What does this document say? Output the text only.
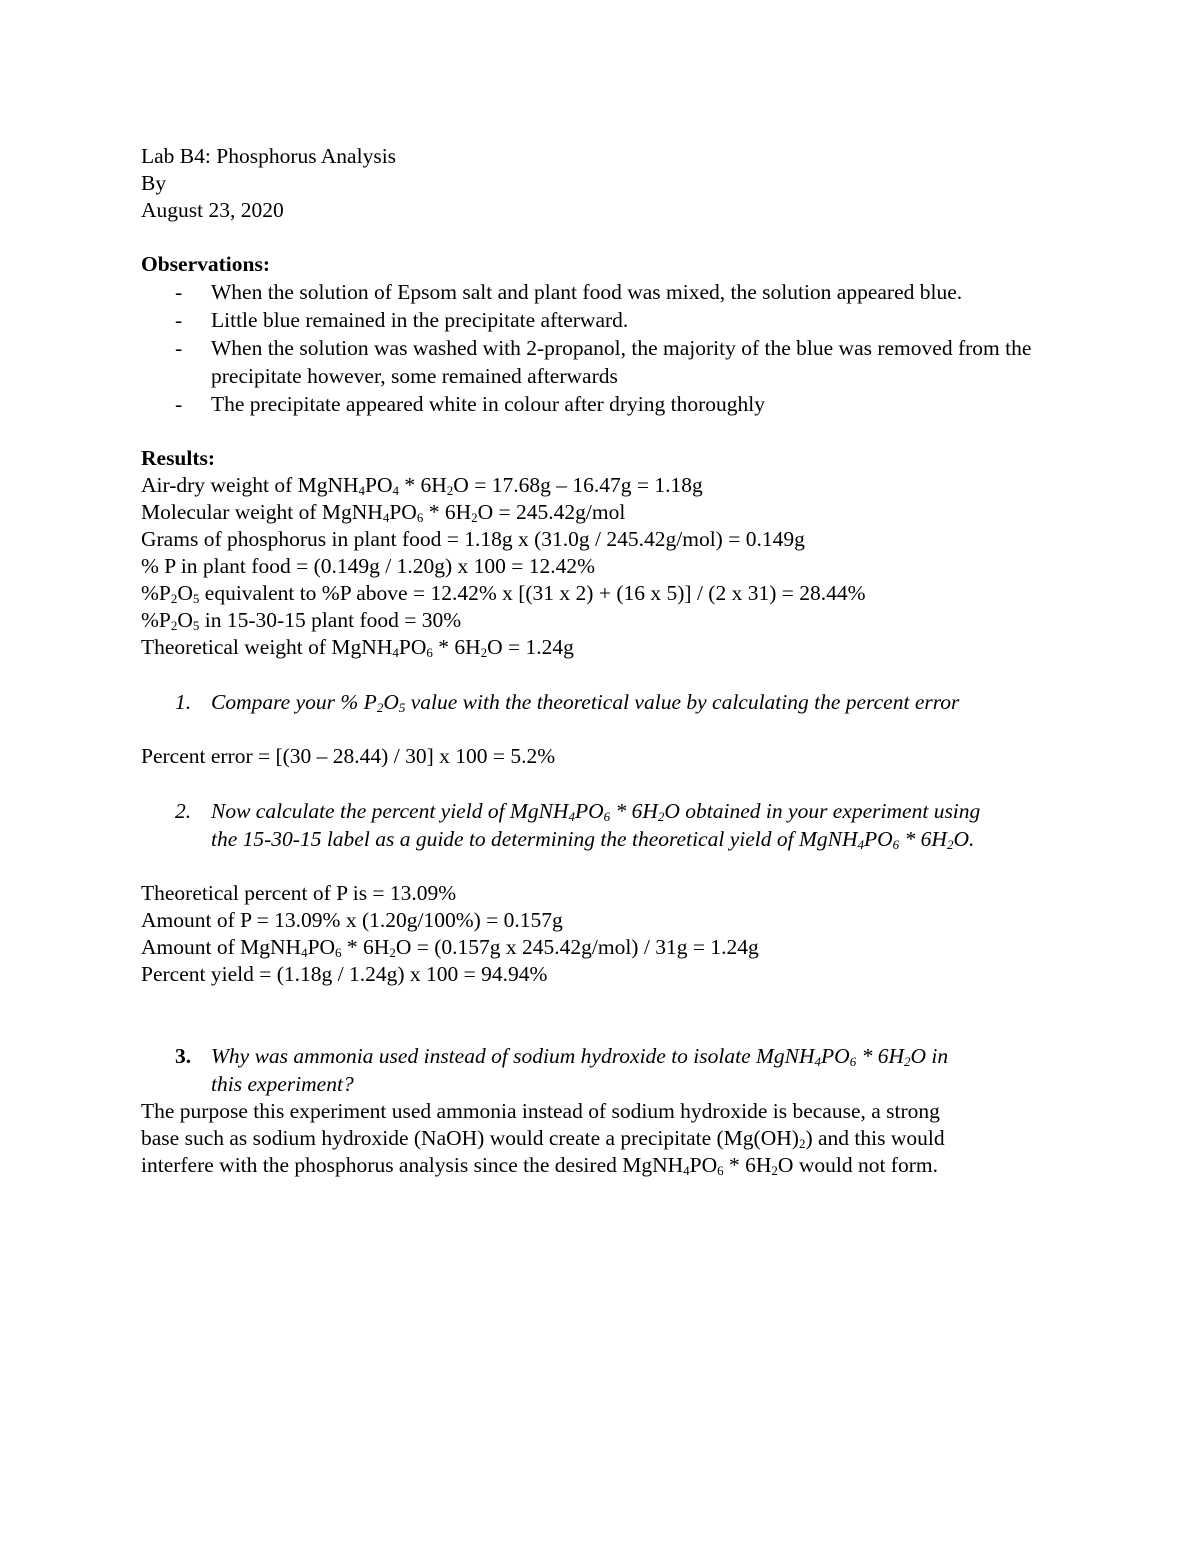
Lab B4: Phosphorus Analysis
By
August 23, 2020
Observations:
- When the solution of Epsom salt and plant food was mixed, the solution appeared blue.
- Little blue remained in the precipitate afterward.
- When the solution was washed with 2-propanol, the majority of the blue was removed from the precipitate however, some remained afterwards
- The precipitate appeared white in colour after drying thoroughly
Results:
Air-dry weight of $MgNH_4PO_4 * 6H_2O = 17.68g - 16.47g = 1.18g$
Molecular weight of $MgNH_4PO_6 * 6H_2O = 245.42g/mol$
Grams of phosphorus in plant food = 1.18g x (31.0g / 245.42g/mol) = 0.149g
% P in plant food = (0.149g / 1.20g) x 100 = 12.42%
$\%P_2O_5$ equivalent to %P above = 12.42% x [(31 x 2) + (16 x 5)] / (2 x 31) = 28.44%
$\%P_2O_5$ in 15-30-15 plant food = 30%
Theoretical weight of $MgNH_4PO_6 * 6H_2O = 1.24g$
1. Compare your % $P_2O_5$ value with the theoretical value by calculating the percent error
Percent error = [(30 – 28.44) / 30] x 100 = 5.2%
2. Now calculate the percent yield of $MgNH_4PO_6 * 6H_2O$ obtained in your experiment using
the 15-30-15 label as a guide to determining the theoretical yield of $MgNH_4PO_6 * 6H_2O$.
Theoretical percent of P is = 13.09%
Amount of P = 13.09% x (1.20g/100%) = 0.157g
Amount of $MgNH_4PO_6 * 6H_2O = (0.157g$ x 245.42g/mol) / 31g = 1.24g
Percent yield = (1.18g / 1.24g) x 100 = 94.94%
3. Why was ammonia used instead of sodium hydroxide to isolate $MgNH_4PO_6 * 6H_2O$ in
this experiment?
The purpose this experiment used ammonia instead of sodium hydroxide is because, a strong
base such as sodium hydroxide (NaOH) would create a precipitate $(Mg(OH)_2)$ and this would
interfere with the phosphorus analysis since the desired $MgNH_4PO_6 * 6H_2O$ would not form.
